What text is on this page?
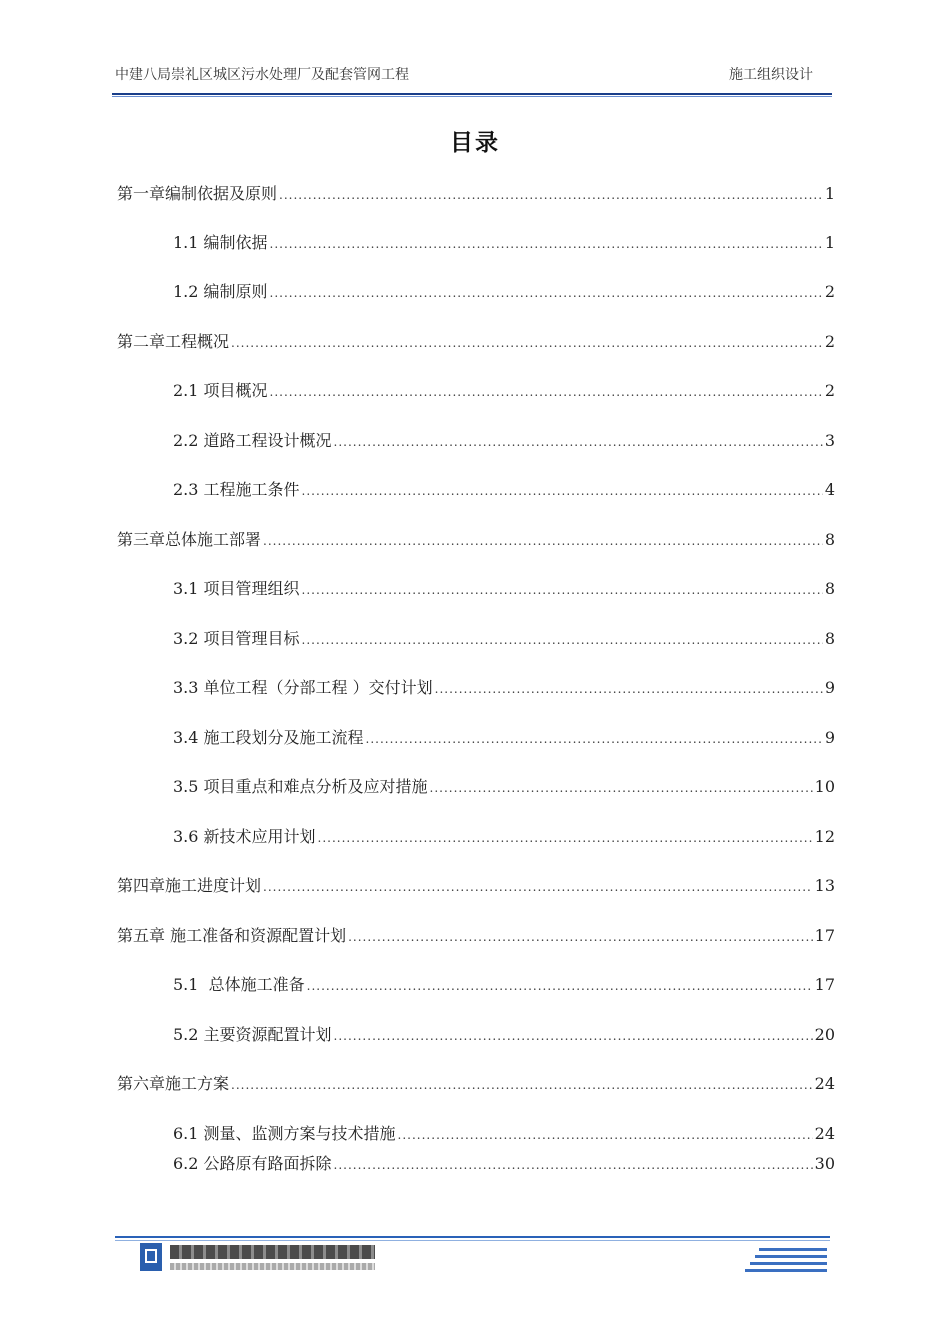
中建八局崇礼区城区污水处理厂及配套管网工程	施工组织设计
目录
第一章编制依据及原则 .....	1
1.1 编制依据 .....	1
1.2 编制原则 .....	2
第二章工程概况 .....	2
2.1 项目概况 .....	2
2.2 道路工程设计概况 .....	3
2.3 工程施工条件 .....	4
第三章总体施工部署 .....	8
3.1 项目管理组织 .....	8
3.2 项目管理目标 .....	8
3.3 单位工程（分部工程 ）交付计划 .....	9
3.4 施工段划分及施工流程 .....	9
3.5 项目重点和难点分析及应对措施 .....	10
3.6 新技术应用计划 .....	12
第四章施工进度计划 .....	13
第五章 施工准备和资源配置计划 .....	17
5.1  总体施工准备 .....	17
5.2 主要资源配置计划 .....	20
第六章施工方案 .....	24
6.1 测量、监测方案与技术措施 .....	24
6.2 公路原有路面拆除 .....	30
